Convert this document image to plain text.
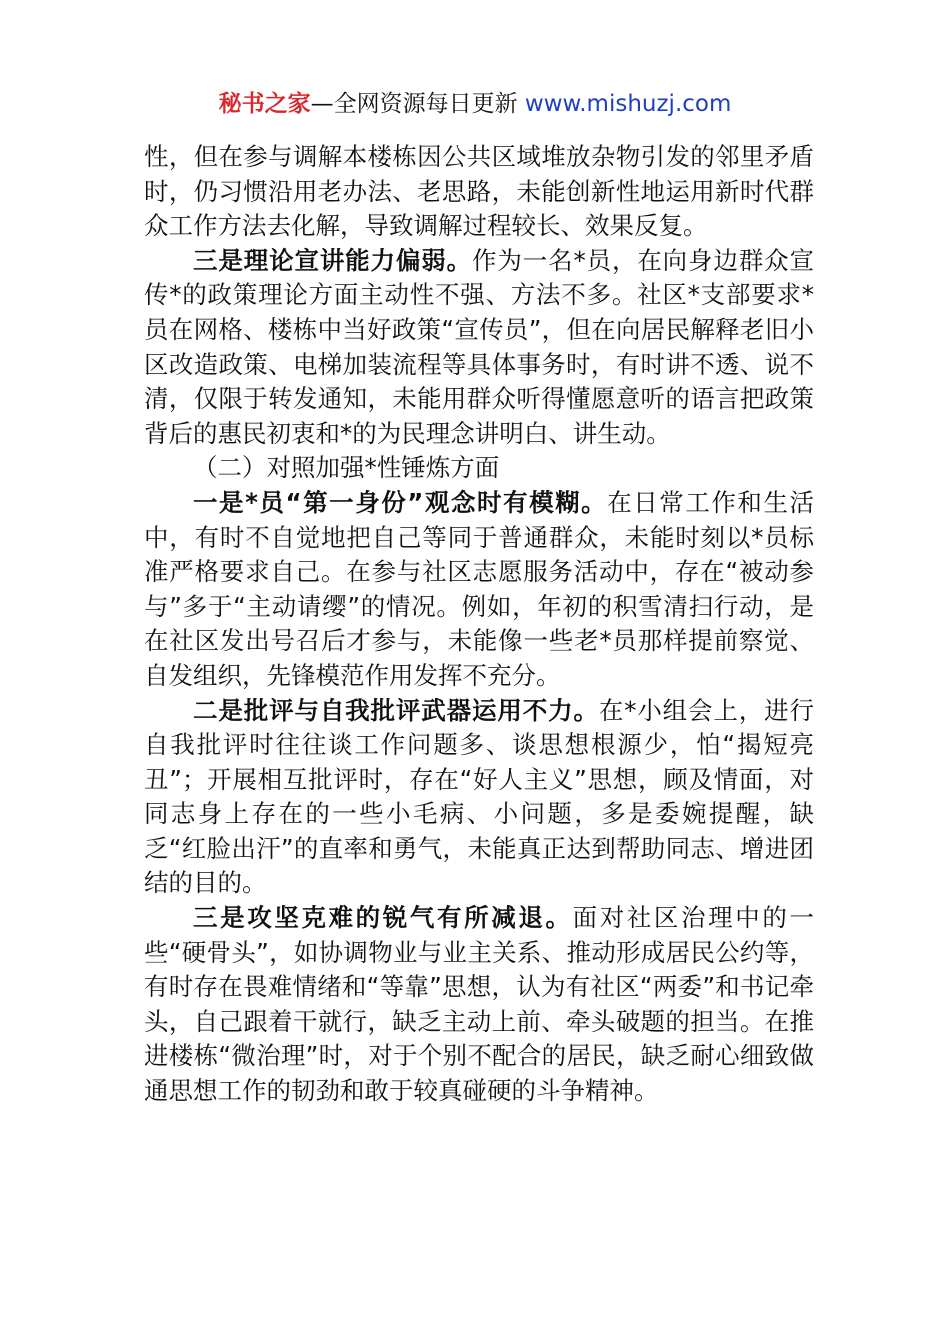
秘书之家—全网资源每日更新 www.mishuzj.com

性，但在参与调解本楼栋因公共区域堆放杂物引发的邻里矛盾时，仍习惯沿用老办法、老思路，未能创新性地运用新时代群众工作方法去化解，导致调解过程较长、效果反复。

三是理论宣讲能力偏弱。作为一名*员，在向身边群众宣传*的政策理论方面主动性不强、方法不多。社区*支部要求*员在网格、楼栋中当好政策“宣传员”，但在向居民解释老旧小区改造政策、电梯加装流程等具体事务时，有时讲不透、说不清，仅限于转发通知，未能用群众听得懂愿意听的语言把政策背后的惠民初衷和*的为民理念讲明白、讲生动。

（二）对照加强*性锤炼方面

一是*员“第一身份”观念时有模糊。在日常工作和生活中，有时不自觉地把自己等同于普通群众，未能时刻以*员标准严格要求自己。在参与社区志愿服务活动中，存在“被动参与”多于“主动请缨”的情况。例如，年初的积雪清扫行动，是在社区发出号召后才参与，未能像一些老*员那样提前察觉、自发组织，先锋模范作用发挥不充分。

二是批评与自我批评武器运用不力。在*小组会上，进行自我批评时往往谈工作问题多、谈思想根源少，怕“揭短亮丑”；开展相互批评时，存在“好人主义”思想，顾及情面，对同志身上存在的一些小毛病、小问题，多是委婉提醒，缺乏“红脸出汗”的直率和勇气，未能真正达到帮助同志、增进团结的目的。

三是攻坚克难的锐气有所减退。面对社区治理中的一些“硬骨头”，如协调物业与业主关系、推动形成居民公约等，有时存在畏难情绪和“等靠”思想，认为有社区“两委”和书记牵头，自己跟着干就行，缺乏主动上前、牵头破题的担当。在推进楼栋“微治理”时，对于个别不配合的居民，缺乏耐心细致做通思想工作的韧劲和敢于较真碰硬的斗争精神。
